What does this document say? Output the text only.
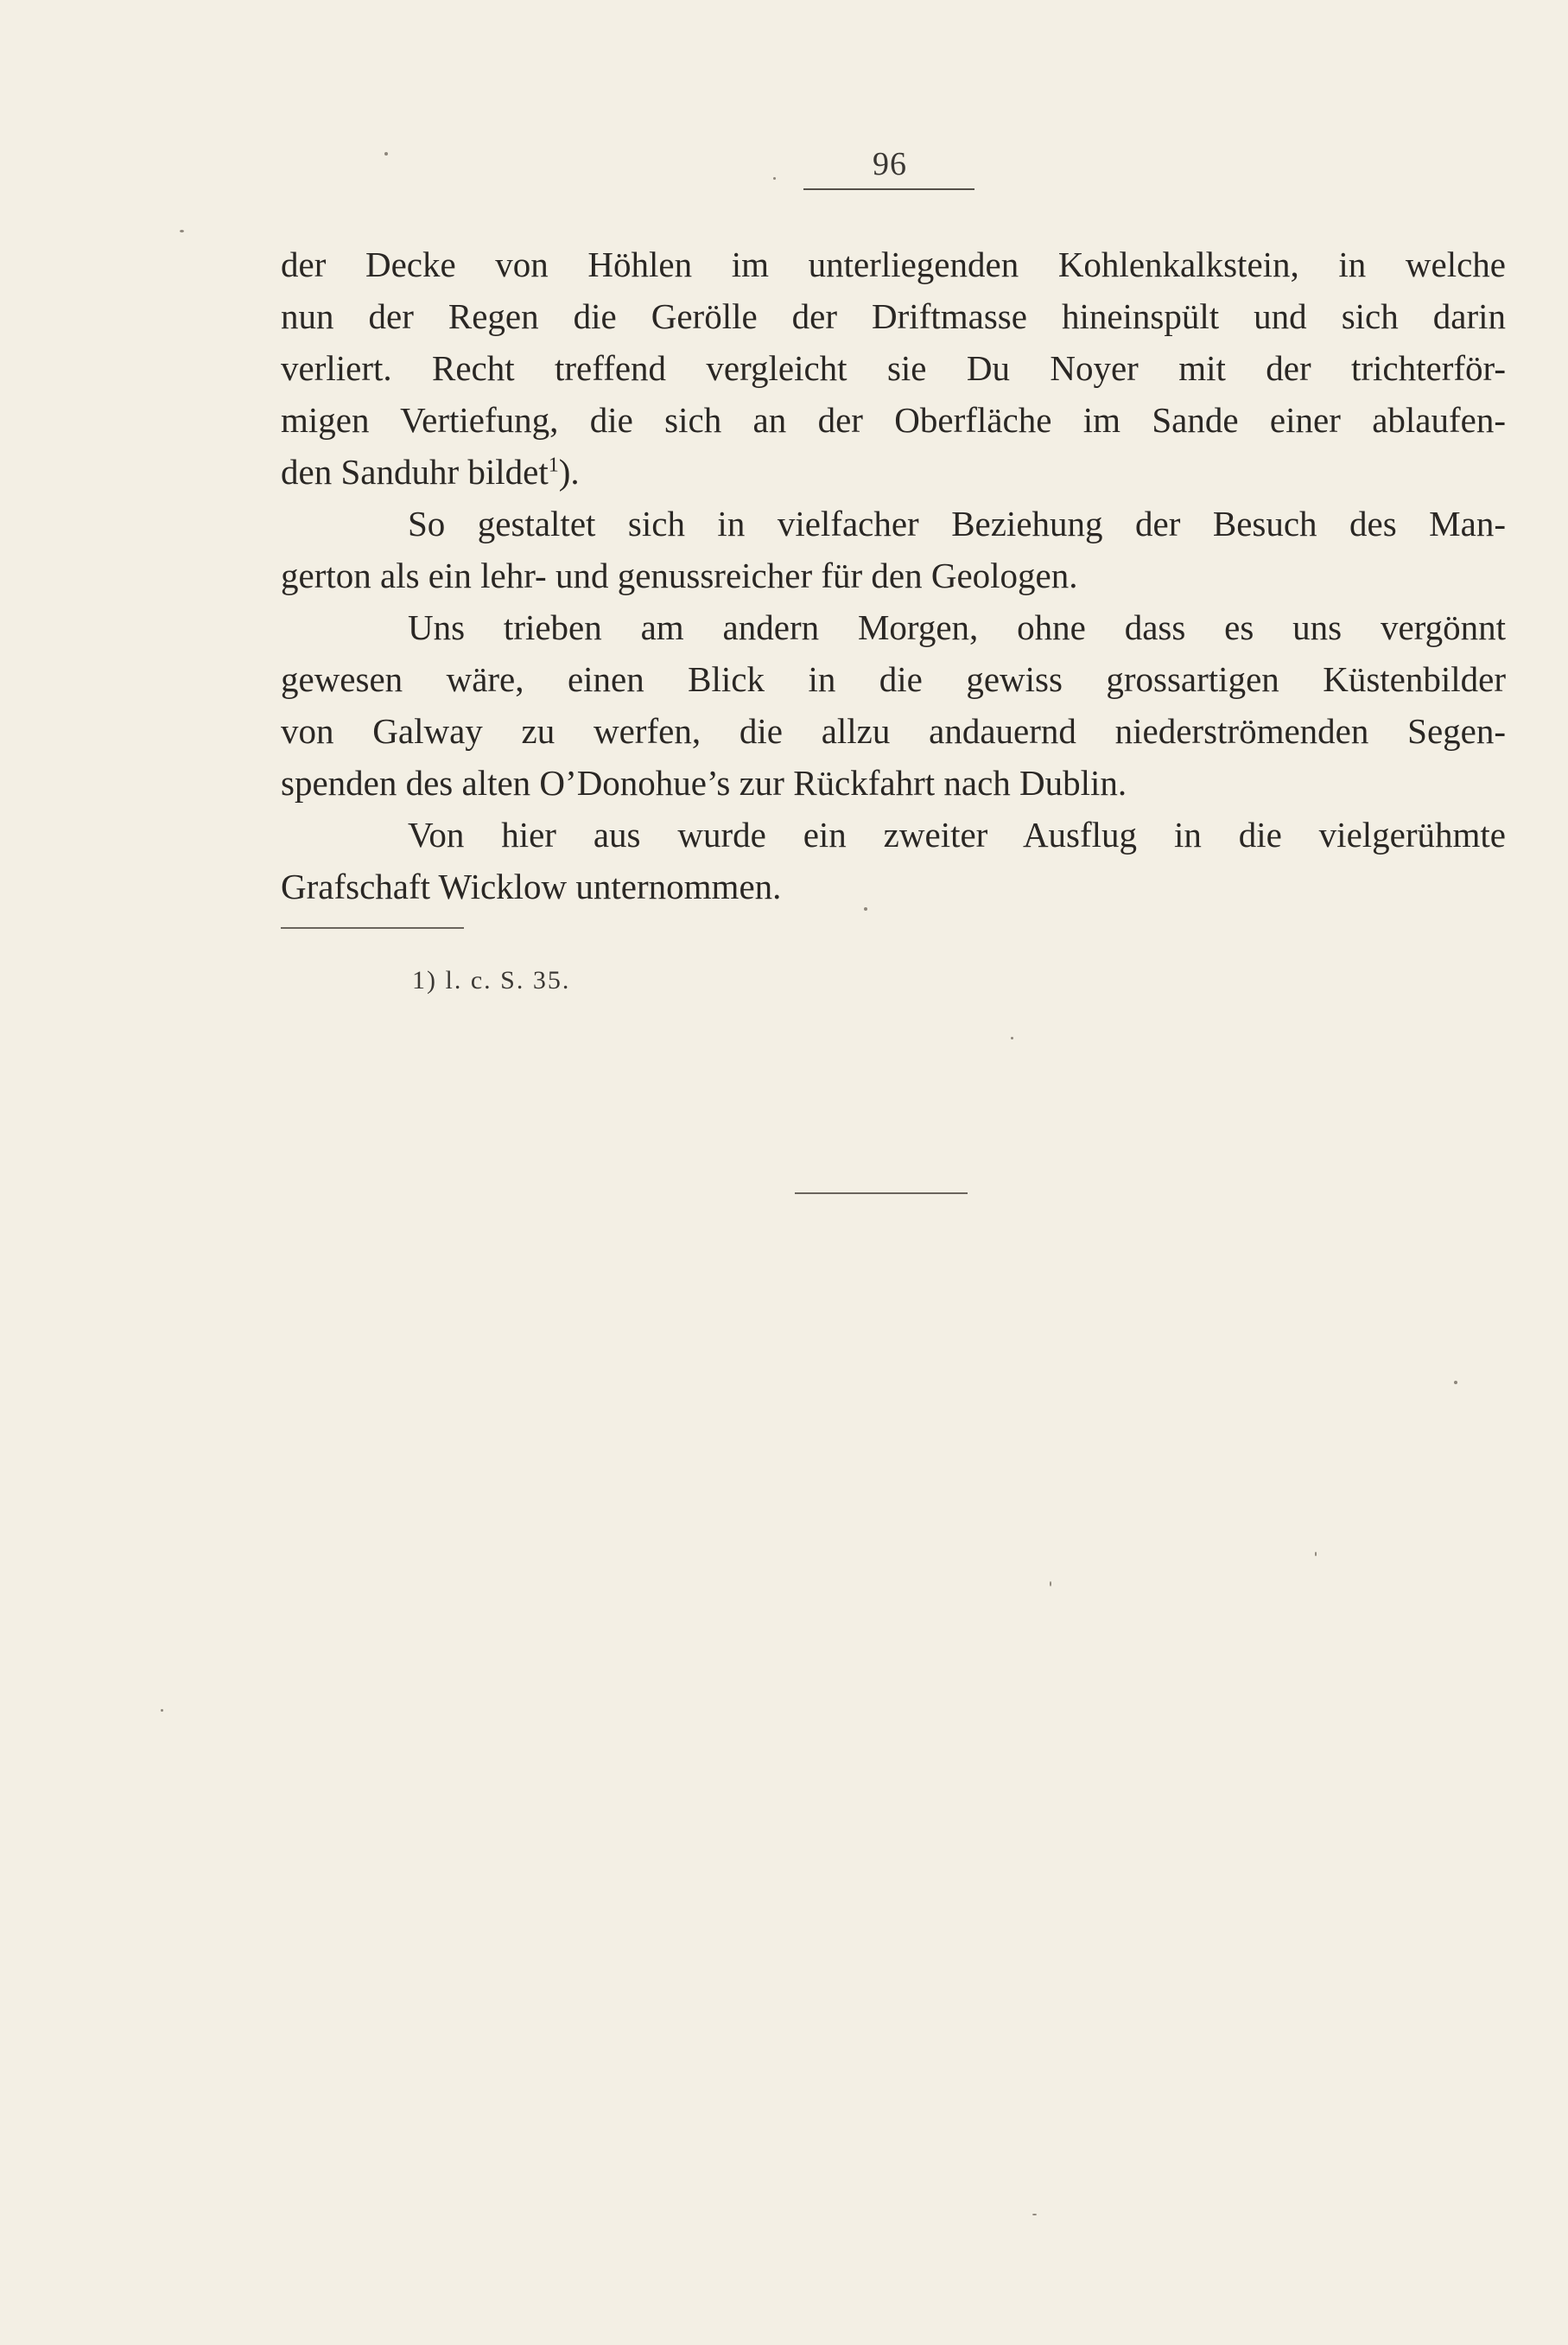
96
der Decke von Höhlen im unterliegenden Kohlenkalkstein, in welche
nun der Regen die Gerölle der Driftmasse hineinspült und sich darin
verliert. Recht treffend vergleicht sie Du Noyer mit der trichterför-
migen Vertiefung, die sich an der Oberfläche im Sande einer ablaufen-
den Sanduhr bildet$^1$).
So gestaltet sich in vielfacher Beziehung der Besuch des Man-
gerton als ein lehr- und genussreicher für den Geologen.
Uns trieben am andern Morgen, ohne dass es uns vergönnt
gewesen wäre, einen Blick in die gewiss grossartigen Küstenbilder
von Galway zu werfen, die allzu andauernd niederströmenden Segen-
spenden des alten O’Donohue’s zur Rückfahrt nach Dublin.
Von hier aus wurde ein zweiter Ausflug in die vielgerühmte
Grafschaft Wicklow unternommen.
1) l. c. S. 35.
